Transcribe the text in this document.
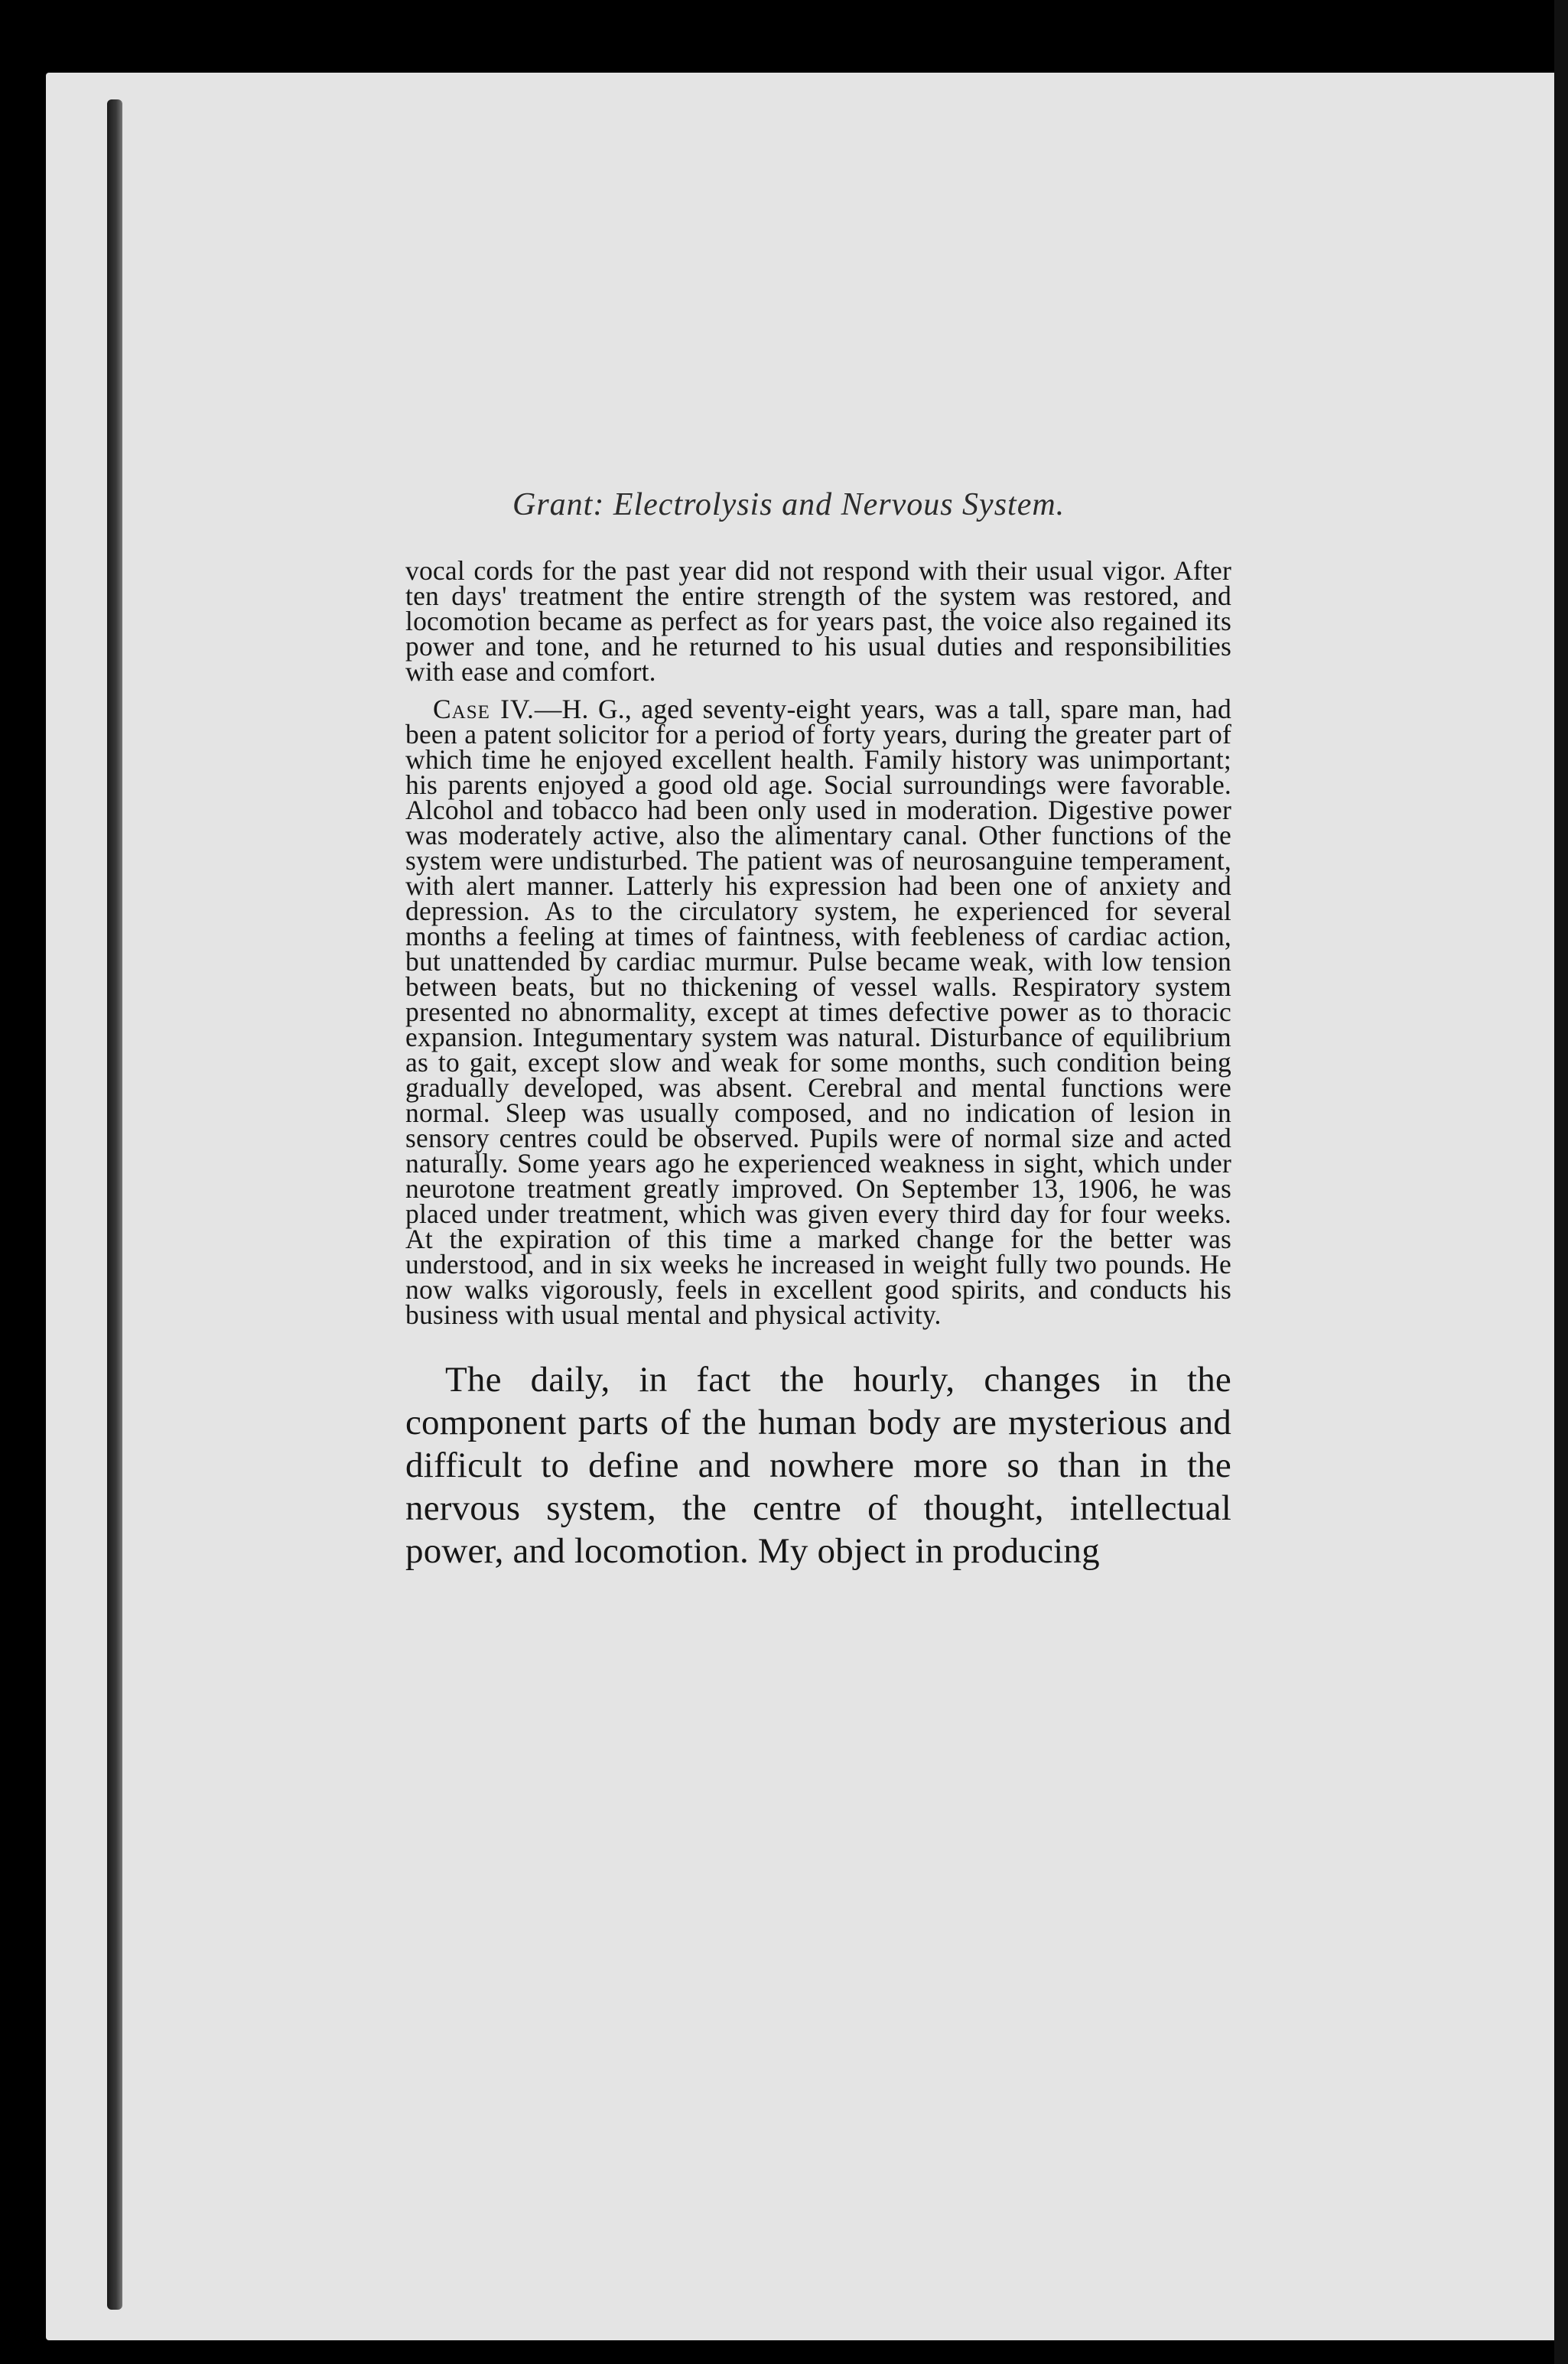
Grant: Electrolysis and Nervous System.

vocal cords for the past year did not respond with their usual vigor. After ten days' treatment the entire strength of the system was restored, and locomotion became as perfect as for years past, the voice also regained its power and tone, and he returned to his usual duties and responsibilities with ease and comfort.

Case IV.—H. G., aged seventy-eight years, was a tall, spare man, had been a patent solicitor for a period of forty years, during the greater part of which time he enjoyed excellent health. Family history was unimportant; his parents enjoyed a good old age. Social surroundings were favorable. Alcohol and tobacco had been only used in moderation. Digestive power was moderately active, also the alimentary canal. Other functions of the system were undisturbed. The patient was of neurosanguine temperament, with alert manner. Latterly his expression had been one of anxiety and depression. As to the circulatory system, he experienced for several months a feeling at times of faintness, with feebleness of cardiac action, but unattended by cardiac murmur. Pulse became weak, with low tension between beats, but no thickening of vessel walls. Respiratory system presented no abnormality, except at times defective power as to thoracic expansion. Integumentary system was natural. Disturbance of equilibrium as to gait, except slow and weak for some months, such condition being gradually developed, was absent. Cerebral and mental functions were normal. Sleep was usually composed, and no indication of lesion in sensory centres could be observed. Pupils were of normal size and acted naturally. Some years ago he experienced weakness in sight, which under neurotone treatment greatly improved. On September 13, 1906, he was placed under treatment, which was given every third day for four weeks. At the expiration of this time a marked change for the better was understood, and in six weeks he increased in weight fully two pounds. He now walks vigorously, feels in excellent good spirits, and conducts his business with usual mental and physical activity.

The daily, in fact the hourly, changes in the component parts of the human body are mysterious and difficult to define and nowhere more so than in the nervous system, the centre of thought, intellectual power, and locomotion. My object in producing
